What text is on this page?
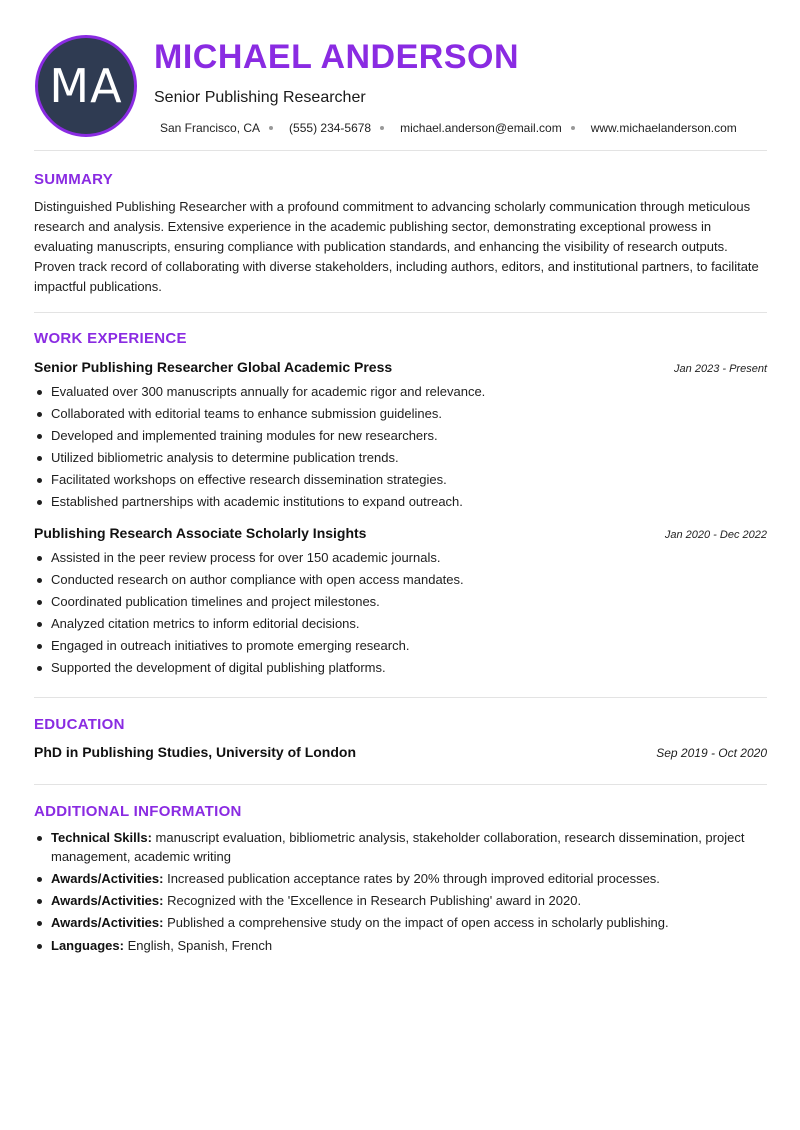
MA
MICHAEL ANDERSON
Senior Publishing Researcher
San Francisco, CA (555) 234-5678 michael.anderson@email.com www.michaelanderson.com
SUMMARY

Distinguished Publishing Researcher with a profound commitment to advancing scholarly communication through meticulous research and analysis. Extensive experience in the academic publishing sector, demonstrating exceptional prowess in evaluating manuscripts, ensuring compliance with publication standards, and enhancing the visibility of research outputs. Proven track record of collaborating with diverse stakeholders, including authors, editors, and institutional partners, to facilitate impactful publications.

WORK EXPERIENCE
Senior Publishing Researcher Global Academic Press	Jan 2023 - Present
Evaluated over 300 manuscripts annually for academic rigor and relevance.
Collaborated with editorial teams to enhance submission guidelines.
Developed and implemented training modules for new researchers.
Utilized bibliometric analysis to determine publication trends.
Facilitated workshops on effective research dissemination strategies.
Established partnerships with academic institutions to expand outreach.
Publishing Research Associate Scholarly Insights	Jan 2020 - Dec 2022
Assisted in the peer review process for over 150 academic journals.
Conducted research on author compliance with open access mandates.
Coordinated publication timelines and project milestones.
Analyzed citation metrics to inform editorial decisions.
Engaged in outreach initiatives to promote emerging research.
Supported the development of digital publishing platforms.
EDUCATION
PhD in Publishing Studies, University of London	Sep 2019 - Oct 2020
ADDITIONAL INFORMATION
Technical Skills: manuscript evaluation, bibliometric analysis, stakeholder collaboration, research dissemination, project management, academic writing
Awards/Activities: Increased publication acceptance rates by 20% through improved editorial processes.
Awards/Activities: Recognized with the 'Excellence in Research Publishing' award in 2020.
Awards/Activities: Published a comprehensive study on the impact of open access in scholarly publishing.
Languages: English, Spanish, French
